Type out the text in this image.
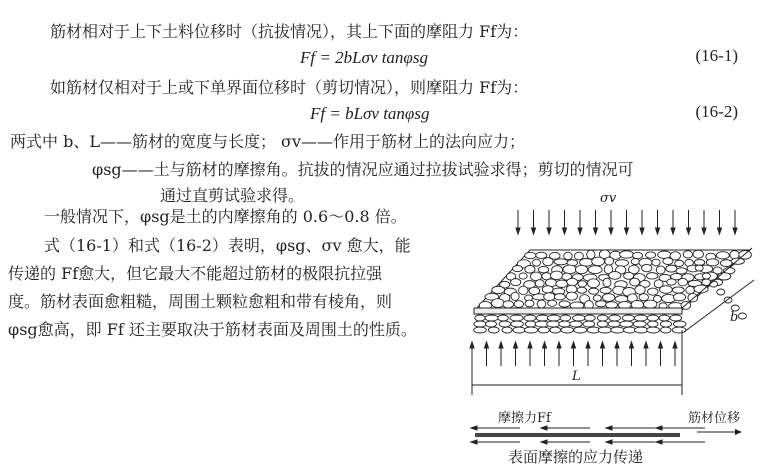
筋材相对于上下土料位移时（抗拔情况），其上下面的摩阻力 Ff为：
Ff = 2bLσv tanφsg	(16-1)
如筋材仅相对于上或下单界面位移时（剪切情况），则摩阻力 Ff为：
Ff = bLσv tanφsg	(16-2)
两式中 b、L——筋材的宽度与长度； σv——作用于筋材上的法向应力；
φsg——土与筋材的摩擦角。抗拔的情况应通过拉拔试验求得；剪切的情况可
通过直剪试验求得。
一般情况下，φsg是土的内摩擦角的 0.6～0.8 倍。
式（16-1）和式（16-2）表明，φsg、σv 愈大，能
传递的 Ff愈大，但它最大不能超过筋材的极限抗拉强
度。筋材表面愈粗糙，周围土颗粒愈粗和带有棱角，则
φsg愈高，即 Ff 还主要取决于筋材表面及周围土的性质。
σv
b
L
摩擦力Ff	筋材位移
表面摩擦的应力传递
